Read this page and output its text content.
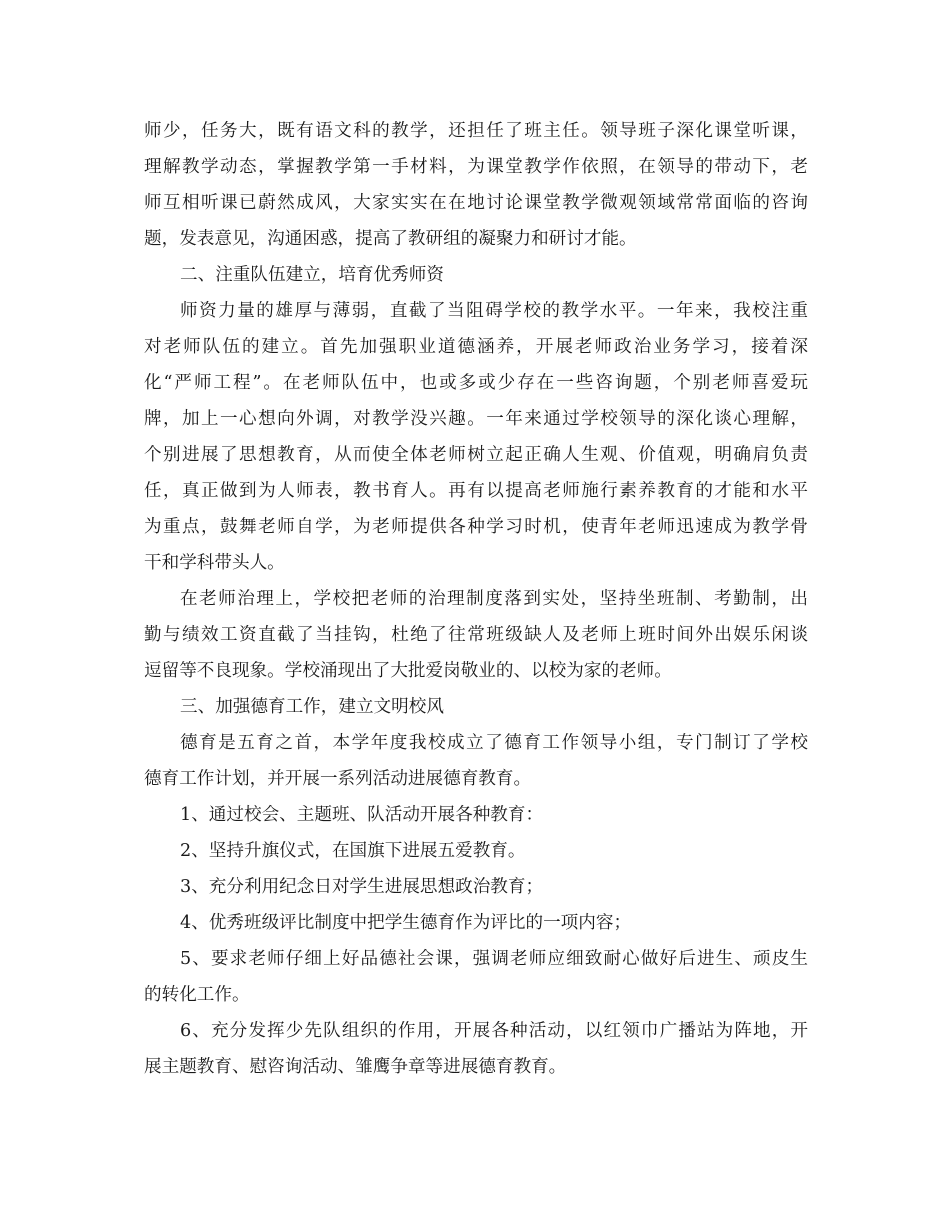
师少，任务大，既有语文科的教学，还担任了班主任。领导班子深化课堂听课，
理解教学动态，掌握教学第一手材料，为课堂教学作依照，在领导的带动下，老
师互相听课已蔚然成风，大家实实在在地讨论课堂教学微观领域常常面临的咨询
题，发表意见，沟通困惑，提高了教研组的凝聚力和研讨才能。
二、注重队伍建立，培育优秀师资
师资力量的雄厚与薄弱，直截了当阻碍学校的教学水平。一年来，我校注重
对老师队伍的建立。首先加强职业道德涵养，开展老师政治业务学习，接着深
化“严师工程”。在老师队伍中，也或多或少存在一些咨询题，个别老师喜爱玩
牌，加上一心想向外调，对教学没兴趣。一年来通过学校领导的深化谈心理解，
个别进展了思想教育，从而使全体老师树立起正确人生观、价值观，明确肩负责
任，真正做到为人师表，教书育人。再有以提高老师施行素养教育的才能和水平
为重点，鼓舞老师自学，为老师提供各种学习时机，使青年老师迅速成为教学骨
干和学科带头人。
在老师治理上，学校把老师的治理制度落到实处，坚持坐班制、考勤制，出
勤与绩效工资直截了当挂钩，杜绝了往常班级缺人及老师上班时间外出娱乐闲谈
逗留等不良现象。学校涌现出了大批爱岗敬业的、以校为家的老师。
三、加强德育工作，建立文明校风
德育是五育之首，本学年度我校成立了德育工作领导小组，专门制订了学校
德育工作计划，并开展一系列活动进展德育教育。
1、通过校会、主题班、队活动开展各种教育：
2、坚持升旗仪式，在国旗下进展五爱教育。
3、充分利用纪念日对学生进展思想政治教育；
4、优秀班级评比制度中把学生德育作为评比的一项内容；
5、要求老师仔细上好品德社会课，强调老师应细致耐心做好后进生、顽皮生
的转化工作。
6、充分发挥少先队组织的作用，开展各种活动，以红领巾广播站为阵地，开
展主题教育、慰咨询活动、雏鹰争章等进展德育教育。
